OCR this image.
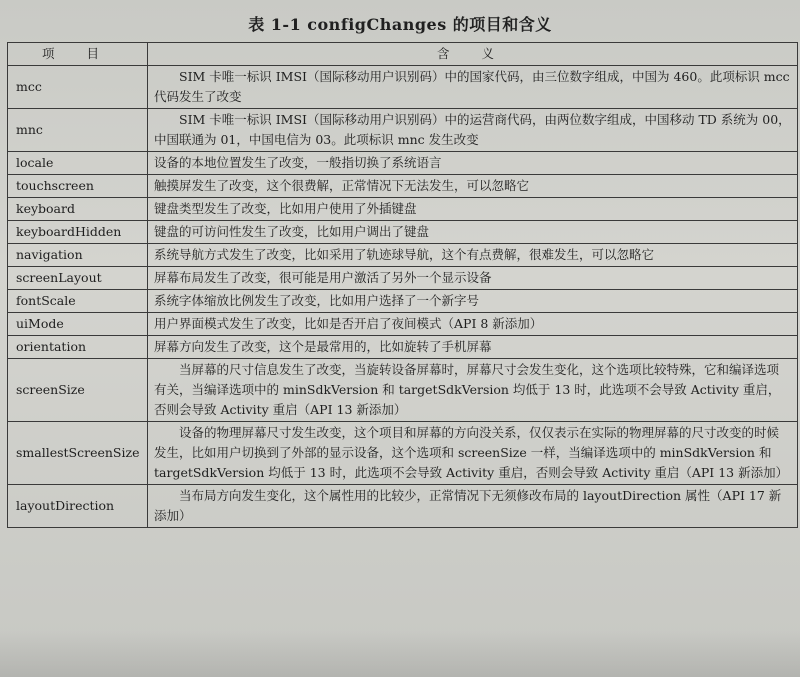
表 1-1 configChanges 的项目和含义
项 目	含 义
mcc	SIM 卡唯一标识 IMSI（国际移动用户识别码）中的国家代码，由三位数字组成，中国为 460。此项标识 mcc 代码发生了改变
mnc	SIM 卡唯一标识 IMSI（国际移动用户识别码）中的运营商代码，由两位数字组成，中国移动 TD 系统为 00，中国联通为 01，中国电信为 03。此项标识 mnc 发生改变
locale	设备的本地位置发生了改变，一般指切换了系统语言
touchscreen	触摸屏发生了改变，这个很费解，正常情况下无法发生，可以忽略它
keyboard	键盘类型发生了改变，比如用户使用了外插键盘
keyboardHidden	键盘的可访问性发生了改变，比如用户调出了键盘
navigation	系统导航方式发生了改变，比如采用了轨迹球导航，这个有点费解，很难发生，可以忽略它
screenLayout	屏幕布局发生了改变，很可能是用户激活了另外一个显示设备
fontScale	系统字体缩放比例发生了改变，比如用户选择了一个新字号
uiMode	用户界面模式发生了改变，比如是否开启了夜间模式（API 8 新添加）
orientation	屏幕方向发生了改变，这个是最常用的，比如旋转了手机屏幕
screenSize	当屏幕的尺寸信息发生了改变，当旋转设备屏幕时，屏幕尺寸会发生变化，这个选项比较特殊，它和编译选项有关，当编译选项中的 minSdkVersion 和 targetSdkVersion 均低于 13 时，此选项不会导致 Activity 重启，否则会导致 Activity 重启（API 13 新添加）
smallestScreenSize	设备的物理屏幕尺寸发生改变，这个项目和屏幕的方向没关系，仅仅表示在实际的物理屏幕的尺寸改变的时候发生，比如用户切换到了外部的显示设备，这个选项和 screenSize 一样，当编译选项中的 minSdkVersion 和 targetSdkVersion 均低于 13 时，此选项不会导致 Activity 重启，否则会导致 Activity 重启（API 13 新添加）
layoutDirection	当布局方向发生变化，这个属性用的比较少，正常情况下无须修改布局的 layoutDirection 属性（API 17 新添加）
